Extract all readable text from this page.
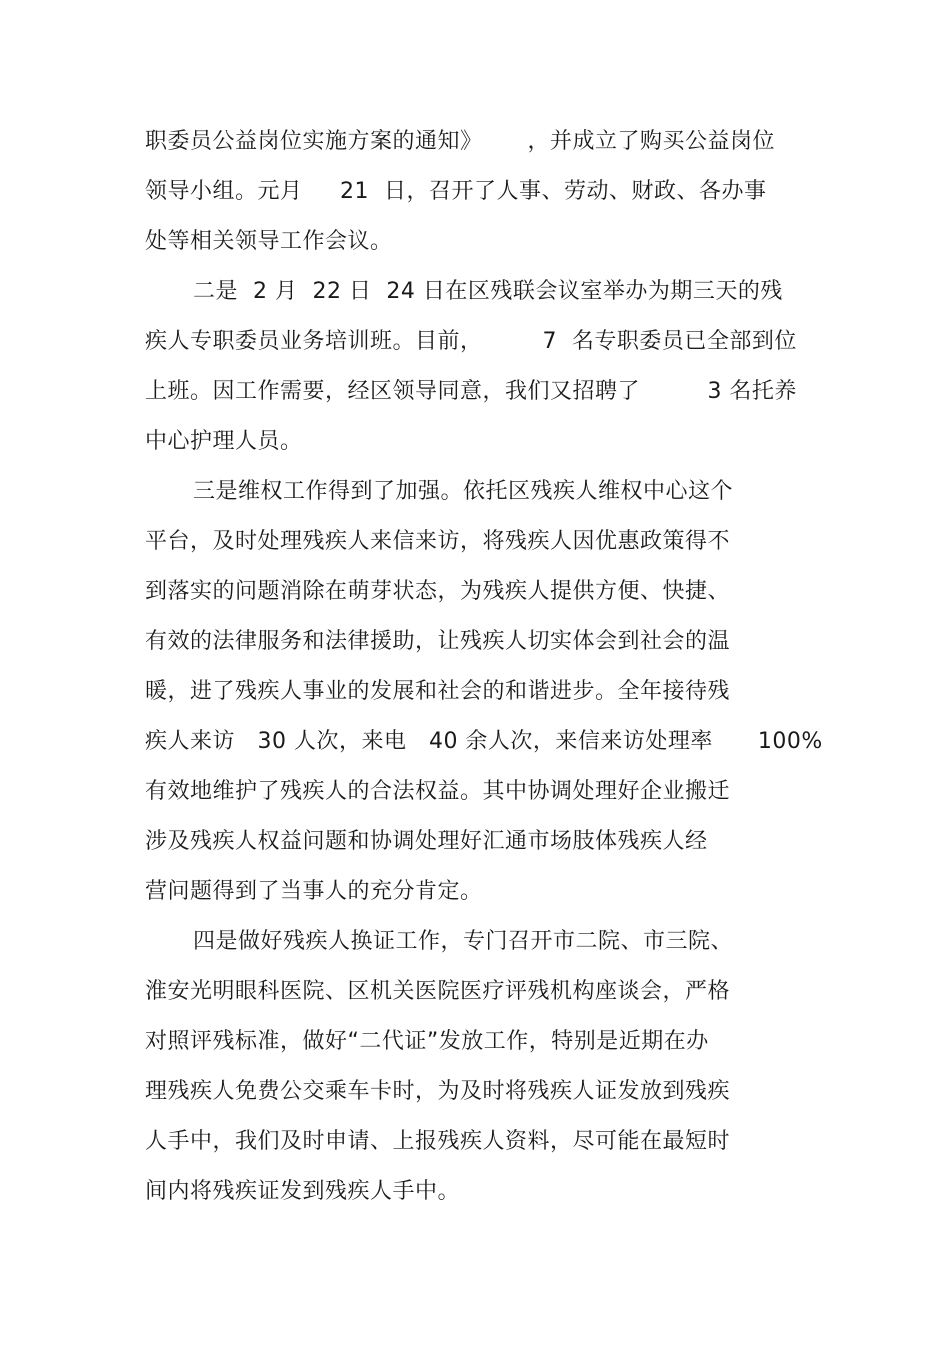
职委员公益岗位实施方案的通知》      ，并成立了购买公益岗位
领导小组。元月     21  日，召开了人事、劳动、财政、各办事
处等相关领导工作会议。
二是  2 月  22 日  24 日在区残联会议室举办为期三天的残
疾人专职委员业务培训班。目前，        7  名专职委员已全部到位
上班。因工作需要，经区领导同意，我们又招聘了         3 名托养
中心护理人员。
三是维权工作得到了加强。依托区残疾人维权中心这个
平台，及时处理残疾人来信来访，将残疾人因优惠政策得不
到落实的问题消除在萌芽状态，为残疾人提供方便、快捷、
有效的法律服务和法律援助，让残疾人切实体会到社会的温
暖，进了残疾人事业的发展和社会的和谐进步。全年接待残
疾人来访   30 人次，来电   40 余人次，来信来访处理率      100%
有效地维护了残疾人的合法权益。其中协调处理好企业搬迁
涉及残疾人权益问题和协调处理好汇通市场肢体残疾人经
营问题得到了当事人的充分肯定。
四是做好残疾人换证工作，专门召开市二院、市三院、
淮安光明眼科医院、区机关医院医疗评残机构座谈会，严格
对照评残标准，做好“二代证”发放工作，特别是近期在办
理残疾人免费公交乘车卡时，为及时将残疾人证发放到残疾
人手中，我们及时申请、上报残疾人资料，尽可能在最短时
间内将残疾证发到残疾人手中。
